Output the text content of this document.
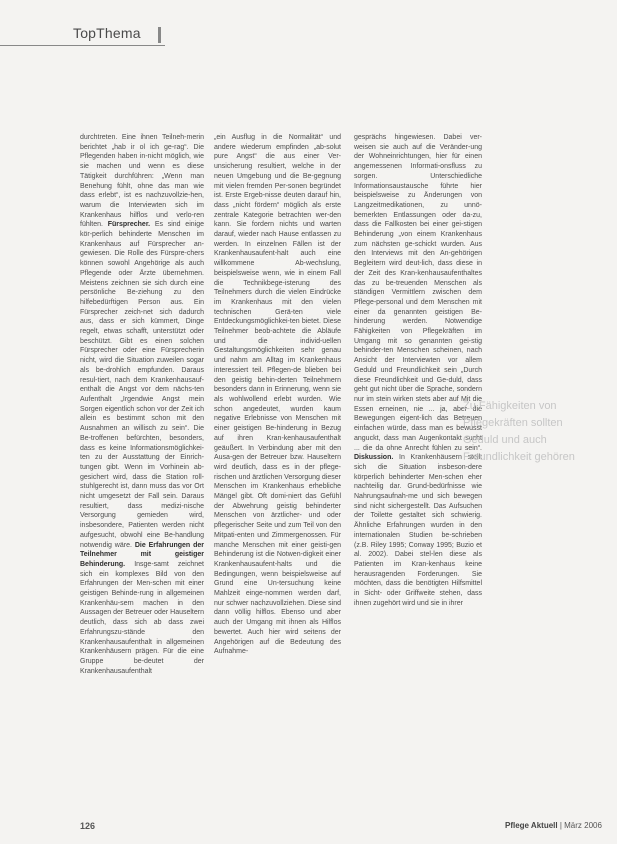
TopThema

durchtreten. Eine ihnen Teilneh-merin berichtet „hab ir ol ich ge-rag“. Die Pflegenden haben in-nicht möglich, wie sie machen und wenn es diese Tätigkeit durchführen: „Wenn man Benehung fühlt, ohne das man wie dass erlebt“, ist es nachzuvollzie-hen, warum die Interviewten sich im Krankenhaus hilflos und verlo-ren fühlten. Fürsprecher. Es sind einige kör-perlich behinderte Menschen im Krankenhaus auf Fürsprecher an-gewiesen. Die Rolle des Fürspre-chers können sowohl Angehörige als auch Pflegende oder Ärzte übernehmen. Meistens zeichnen sie sich durch eine persönliche Be-ziehung zu den hilfebedürftigen Person aus. Ein Fürsprecher zeich-net sich dadurch aus, dass er sich kümmert, Dinge regelt, etwas schafft, unterstützt oder beschützt. Gibt es einen solchen Fürsprecher oder eine Fürsprecherin nicht, wird die Situation zuweilen sogar als be-drohlich empfunden. Daraus resul-tiert, nach dem Krankenhausauf-enthalt die Angst vor dem nächs-ten Aufenthalt „Irgendwie Angst mein Sorgen eigentlich schon vor der Zeit ich allein es bestimmt schon mit den Ausnahmen an willisch zu sein“. Die Be-troffenen befürchten, besonders, dass es keine Informationsmöglichkei-ten zu der Ausstattung der Einrich-tungen gibt. Wenn im Vorhinein ab-gesichert wird, dass die Station roll-stuhlgerecht ist, dann muss das vor Ort nicht umgesetzt der Fall sein. Daraus resultiert, dass medizi-nische Versorgung gemieden wird, insbesondere, Patienten werden nicht aufgesucht, obwohl eine Be-handlung notwendig wäre. Die Erfahrungen der Teilnehmer mit geistiger Behinderung. Insge-samt zeichnet sich ein komplexes Bild von den Erfahrungen der Men-schen mit einer geistigen Behinde-rung in allgemeinen Krankenhäu-sern machen in den Aussagen der Betreuer oder Hauseltern deutlich, dass sich ab dass zwei Erfahrungszu-stände den Krankenhausaufenthalt in allgemeinen Krankenhäusern prägen. Für die eine Gruppe be-deutet der Krankenhausaufenthalt

„ein Ausflug in die Normalität“ und andere wiederum empfinden „ab-solut pure Angst“ die aus einer Ver-unsicherung resultiert, welche in der neuen Umgebung und die Be-gegnung mit vielen fremden Per-sonen begründet ist. Erste Ergeb-nisse deuten darauf hin, dass „nicht fördern“ möglich als erste zentrale Kategorie betrachten wer-den kann. Sie fordern nichts und warten darauf, wieder nach Hause entlassen zu werden. In einzelnen Fällen ist der Krankenhausaufent-halt auch eine willkommene Ab-wechslung, beispielsweise wenn, wie in einem Fall die Technikbege-isterung des Teilnehmers durch die vielen Eindrücke im Krankenhaus mit den vielen technischen Gerä-ten viele Entdeckungsmöglichkei-ten bietet. Diese Teilnehmer beob-achtete die Abläufe und die individ-uellen Gestaltungsmöglichkeiten sehr genau und nahm am Alltag im Krankenhaus interessiert teil. Pflegen-de blieben bei den geistig behin-derten Teilnehmern besonders dann in Erinnerung, wenn sie als wohlwollend erlebt wurden. Wie schon angedeutet, wurden kaum negative Erlebnisse von Menschen mit einer geistigen Be-hinderung in Bezug auf ihren Kran-kenhausaufenthalt geäußert. In Verbindung aber mit den Ausa-gen der Betreuer bzw. Hauseltern wird deutlich, dass es in der pflege-rischen und ärztlichen Versorgung dieser Menschen im Krankenhaus erhebliche Mängel gibt. Oft domi-niert das Gefühl der Abwehrung geistig behinderter Menschen von ärztlicher- und oder pflegerischer Seite und zum Teil von den Mitpati-enten und Zimmergenossen. Für manche Menschen mit einer geisti-gen Behinderung ist die Notwen-digkeit einer Krankenhausaufent-halts und die Bedingungen, wenn beispielsweise auf Grund eine Un-tersuchung keine Mahlzeit einge-nommen werden darf, nur schwer nachzuvollziehen. Diese sind dann völlig hilflos. Ebenso und aber auch der Umgang mit ihnen als Hilflos bewertet. Auch hier wird seitens der Angehörigen auf die Bedeutung des Aufnahme-

gesprächs hingewiesen. Dabei ver-weisen sie auch auf die Veränder-ung der Wohneinrichtungen, hier für einen angemessenen Informati-onsfluss zu sorgen. Unterschiedliche Informationsaustausche führte hier beispielsweise zu Änderungen von Langzeitmedikationen, zu unnö-bemerkten Entlassungen oder da-zu, dass die Fallkosten bei einer gei-stigen Behinderung „von einem Krankenhaus zum nächsten ge-schickt wurden. Aus den Interviews mit den An-gehörigen Begleitern wird deut-lich, dass diese in der Zeit des Kran-kenhausaufenthaltes das zu be-treuenden Menschen als ständigen Vermittlern zwischen dem Pflege-personal und dem Menschen mit einer da genannten geistigen Be-hinderung werden. Notwendige Fähigkeiten von Pflegekräften im Umgang mit so genannten gei-stig behinder-ten Menschen scheinen, nach Ansicht der Interviewten vor allem Geduld und Freundlichkeit sein „Durch diese Freundlichkeit und Ge-duld, dass geht gut nicht über die Sprache, sondern nur im stein wirken stets aber auf Mit die Essen erneinen, nie ... ja, aber die Bewegungen eigent-lich das Betreuen einfachen würde, dass man es bewusst anguckt, dass man Augenkontakt sucht ... die da ohne Anrecht fühlen zu sein“. Diskussion. In Krankenhäusern stellt sich die Situation insbeson-dere körperlich behinderter Men-schen eher nachteilig dar. Grund-bedürfnisse wie Nahrungsaufnah-me und sich bewegen sind nicht sichergestellt. Das Aufsuchen der Toilette gestaltet sich schwierig. Ähnliche Erfahrungen wurden in den internationalen Studien be-schrieben (z.B. Riley 1995; Conway 1995; Buzio et al. 2002). Dabei stel-len diese als Patienten im Kran-kenhaus keine herausragenden Forderungen. Sie möchten, dass die benötigten Hilfsmittel in Sicht- oder Griffweite stehen, dass ihnen zugehört wird und sie in ihrer

Zu Fähigkeiten von
Pflegekräften sollten
Geduld und auch
Freundlichkeit gehören
126	Pflege Aktuell | März 2006
